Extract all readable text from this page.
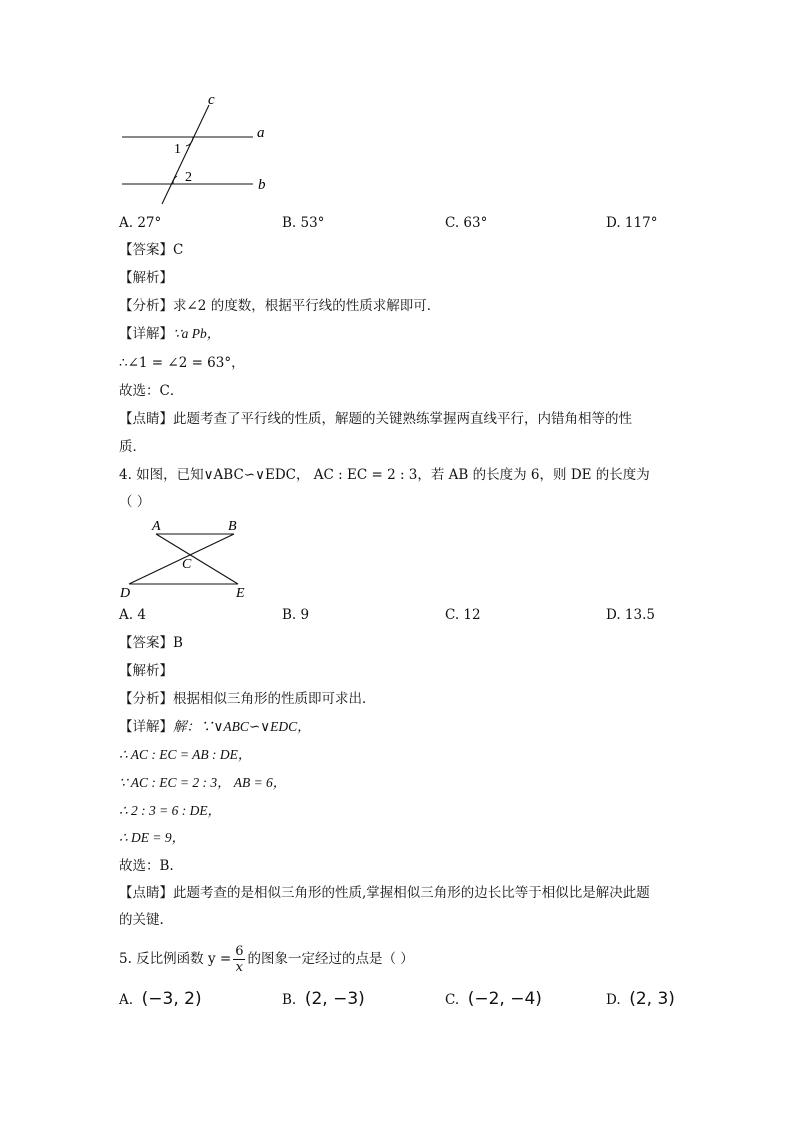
c
a
b
1
2
A. 27°	B. 53°	C. 63°	D. 117°
【答案】C
【解析】
【分析】求∠2 的度数，根据平行线的性质求解即可．
【详解】∵a Pb，
∴∠1 = ∠2 = 63°，
故选：C．
【点睛】此题考查了平行线的性质，解题的关键熟练掌握两直线平行，内错角相等的性
质．
4. 如图，已知∨ABC∽∨EDC， AC : EC = 2 : 3，若 AB 的长度为 6，则 DE 的长度为
（ ）
A	B
C
D	E
A. 4	B. 9	C. 12	D. 13.5
【答案】B
【解析】
【分析】根据相似三角形的性质即可求出．
【详解】解：∵∨ABC∽∨EDC，
∴ AC : EC = AB : DE，
∵ AC : EC = 2 : 3， AB = 6，
∴ 2 : 3 = 6 : DE，
∴ DE = 9，
故选：B.
【点睛】此题考查的是相似三角形的性质,掌握相似三角形的边长比等于相似比是解决此题
的关键.
5. 反比例函数 $y = \frac{6}{x}$ 的图象一定经过的点是（ ）
A. (−3, 2)	B. (2, −3)	C. (−2, −4)	D. (2, 3)
